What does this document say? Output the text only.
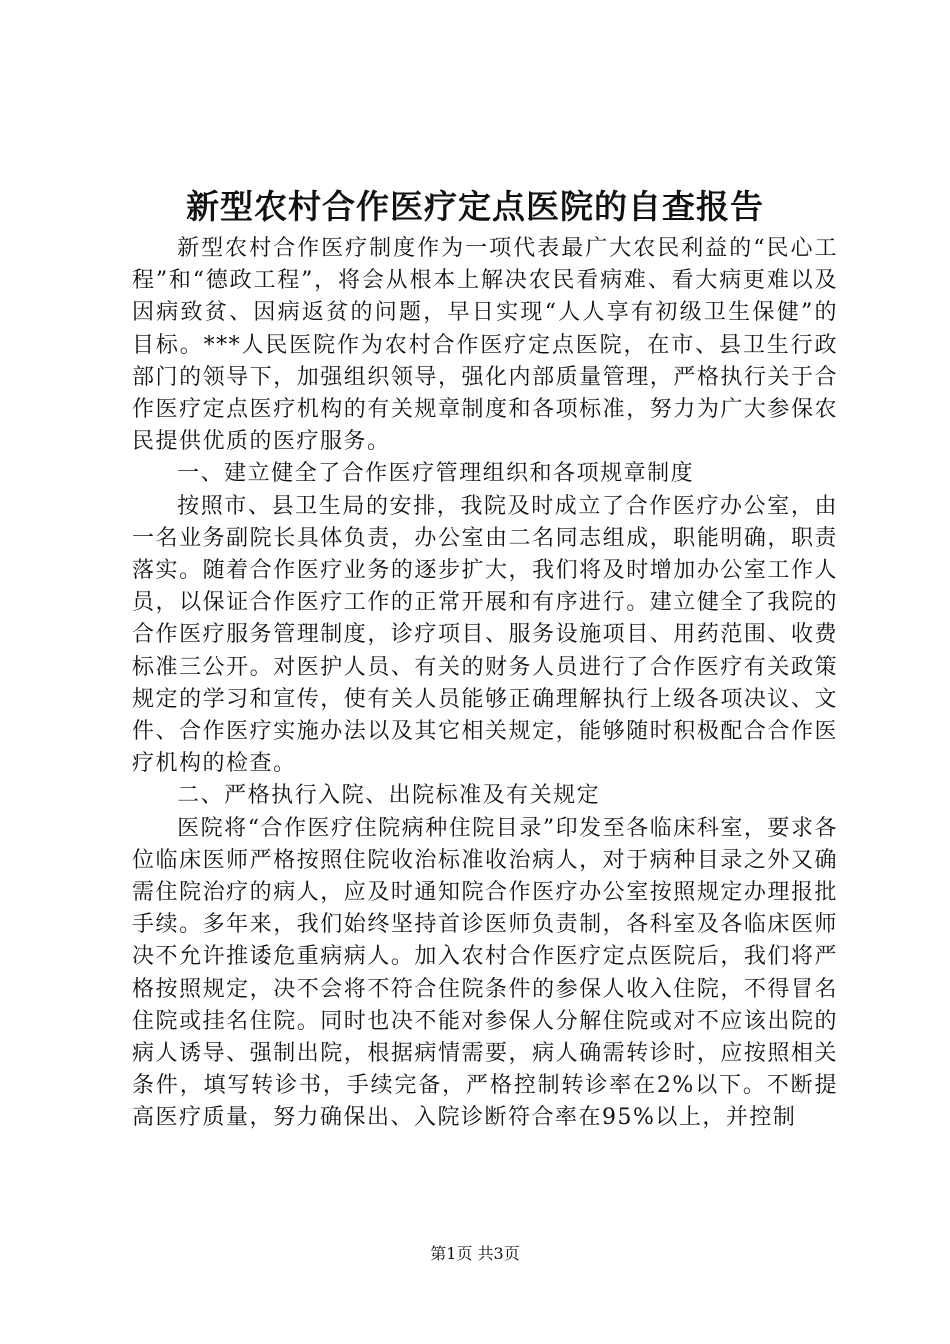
新型农村合作医疗定点医院的自查报告

新型农村合作医疗制度作为一项代表最广大农民利益的“民心工程”和“德政工程”，将会从根本上解决农民看病难、看大病更难以及因病致贫、因病返贫的问题，早日实现“人人享有初级卫生保健”的目标。***人民医院作为农村合作医疗定点医院，在市、县卫生行政部门的领导下，加强组织领导，强化内部质量管理，严格执行关于合作医疗定点医疗机构的有关规章制度和各项标准，努力为广大参保农民提供优质的医疗服务。

一、建立健全了合作医疗管理组织和各项规章制度

按照市、县卫生局的安排，我院及时成立了合作医疗办公室，由一名业务副院长具体负责，办公室由二名同志组成，职能明确，职责落实。随着合作医疗业务的逐步扩大，我们将及时增加办公室工作人员，以保证合作医疗工作的正常开展和有序进行。建立健全了我院的合作医疗服务管理制度，诊疗项目、服务设施项目、用药范围、收费标准三公开。对医护人员、有关的财务人员进行了合作医疗有关政策规定的学习和宣传，使有关人员能够正确理解执行上级各项决议、文件、合作医疗实施办法以及其它相关规定，能够随时积极配合合作医疗机构的检查。

二、严格执行入院、出院标准及有关规定

医院将“合作医疗住院病种住院目录”印发至各临床科室，要求各位临床医师严格按照住院收治标准收治病人，对于病种目录之外又确需住院治疗的病人，应及时通知院合作医疗办公室按照规定办理报批手续。多年来，我们始终坚持首诊医师负责制，各科室及各临床医师决不允许推诿危重病病人。加入农村合作医疗定点医院后，我们将严格按照规定，决不会将不符合住院条件的参保人收入住院，不得冒名住院或挂名住院。同时也决不能对参保人分解住院或对不应该出院的病人诱导、强制出院，根据病情需要，病人确需转诊时，应按照相关条件，填写转诊书，手续完备，严格控制转诊率在2%以下。不断提高医疗质量，努力确保出、入院诊断符合率在95%以上，并控制

第1页 共3页
